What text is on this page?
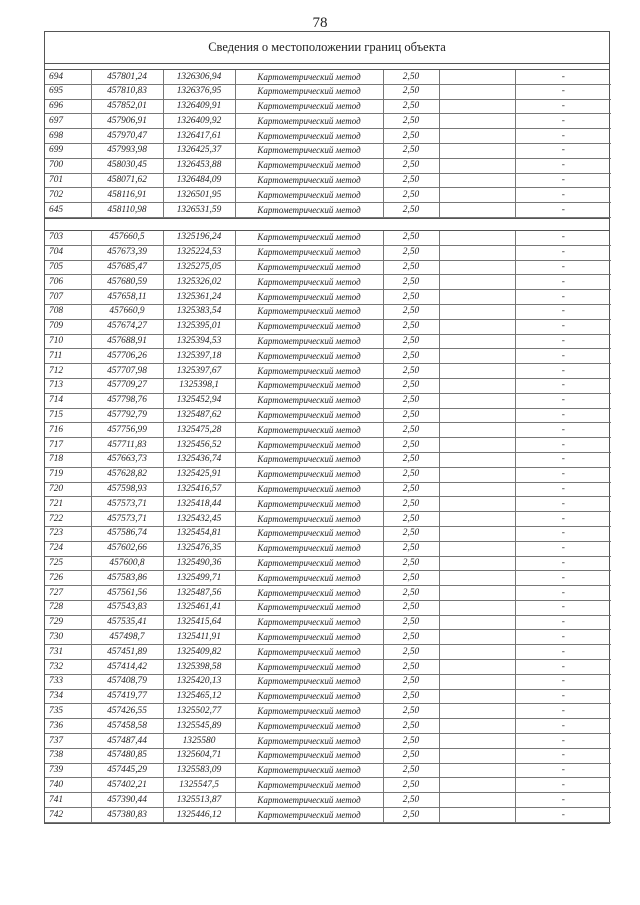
78
Сведения о местоположении границ объекта
694	457801,24	1326306,94	Картометрический метод	2,50		-
695	457810,83	1326376,95	Картометрический метод	2,50		-
696	457852,01	1326409,91	Картометрический метод	2,50		-
697	457906,91	1326409,92	Картометрический метод	2,50		-
698	457970,47	1326417,61	Картометрический метод	2,50		-
699	457993,98	1326425,37	Картометрический метод	2,50		-
700	458030,45	1326453,88	Картометрический метод	2,50		-
701	458071,62	1326484,09	Картометрический метод	2,50		-
702	458116,91	1326501,95	Картометрический метод	2,50		-
645	458110,98	1326531,59	Картометрический метод	2,50		-
703	457660,5	1325196,24	Картометрический метод	2,50		-
704	457673,39	1325224,53	Картометрический метод	2,50		-
705	457685,47	1325275,05	Картометрический метод	2,50		-
706	457680,59	1325326,02	Картометрический метод	2,50		-
707	457658,11	1325361,24	Картометрический метод	2,50		-
708	457660,9	1325383,54	Картометрический метод	2,50		-
709	457674,27	1325395,01	Картометрический метод	2,50		-
710	457688,91	1325394,53	Картометрический метод	2,50		-
711	457706,26	1325397,18	Картометрический метод	2,50		-
712	457707,98	1325397,67	Картометрический метод	2,50		-
713	457709,27	1325398,1	Картометрический метод	2,50		-
714	457798,76	1325452,94	Картометрический метод	2,50		-
715	457792,79	1325487,62	Картометрический метод	2,50		-
716	457756,99	1325475,28	Картометрический метод	2,50		-
717	457711,83	1325456,52	Картометрический метод	2,50		-
718	457663,73	1325436,74	Картометрический метод	2,50		-
719	457628,82	1325425,91	Картометрический метод	2,50		-
720	457598,93	1325416,57	Картометрический метод	2,50		-
721	457573,71	1325418,44	Картометрический метод	2,50		-
722	457573,71	1325432,45	Картометрический метод	2,50		-
723	457586,74	1325454,81	Картометрический метод	2,50		-
724	457602,66	1325476,35	Картометрический метод	2,50		-
725	457600,8	1325490,36	Картометрический метод	2,50		-
726	457583,86	1325499,71	Картометрический метод	2,50		-
727	457561,56	1325487,56	Картометрический метод	2,50		-
728	457543,83	1325461,41	Картометрический метод	2,50		-
729	457535,41	1325415,64	Картометрический метод	2,50		-
730	457498,7	1325411,91	Картометрический метод	2,50		-
731	457451,89	1325409,82	Картометрический метод	2,50		-
732	457414,42	1325398,58	Картометрический метод	2,50		-
733	457408,79	1325420,13	Картометрический метод	2,50		-
734	457419,77	1325465,12	Картометрический метод	2,50		-
735	457426,55	1325502,77	Картометрический метод	2,50		-
736	457458,58	1325545,89	Картометрический метод	2,50		-
737	457487,44	1325580	Картометрический метод	2,50		-
738	457480,85	1325604,71	Картометрический метод	2,50		-
739	457445,29	1325583,09	Картометрический метод	2,50		-
740	457402,21	1325547,5	Картометрический метод	2,50		-
741	457390,44	1325513,87	Картометрический метод	2,50		-
742	457380,83	1325446,12	Картометрический метод	2,50		-
